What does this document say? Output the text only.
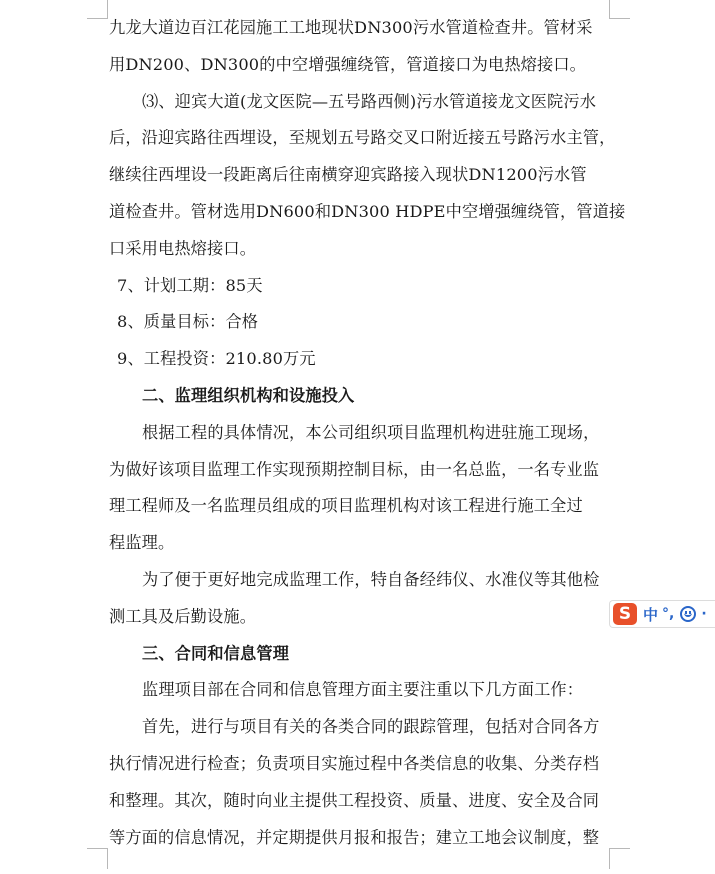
九龙大道边百江花园施工工地现状DN300污水管道检查井。管材采
用DN200、DN300的中空增强缠绕管，管道接口为电热熔接口。
⑶、迎宾大道(龙文医院—五号路西侧)污水管道接龙文医院污水
后，沿迎宾路往西埋设，至规划五号路交叉口附近接五号路污水主管，
继续往西埋设一段距离后往南横穿迎宾路接入现状DN1200污水管
道检查井。管材选用DN600和DN300 HDPE中空增强缠绕管，管道接
口采用电热熔接口。
7、计划工期：85天
8、质量目标：合格
9、工程投资：210.80万元
二、监理组织机构和设施投入
根据工程的具体情况，本公司组织项目监理机构进驻施工现场，
为做好该项目监理工作实现预期控制目标，由一名总监，一名专业监
理工程师及一名监理员组成的项目监理机构对该工程进行施工全过
程监理。
为了便于更好地完成监理工作，特自备经纬仪、水准仪等其他检
测工具及后勤设施。
三、合同和信息管理
监理项目部在合同和信息管理方面主要注重以下几方面工作：
首先，进行与项目有关的各类合同的跟踪管理，包括对合同各方
执行情况进行检查；负责项目实施过程中各类信息的收集、分类存档
和整理。其次，随时向业主提供工程投资、质量、进度、安全及合同
等方面的信息情况，并定期提供月报和报告；建立工地会议制度，整
S 中 °, ·
